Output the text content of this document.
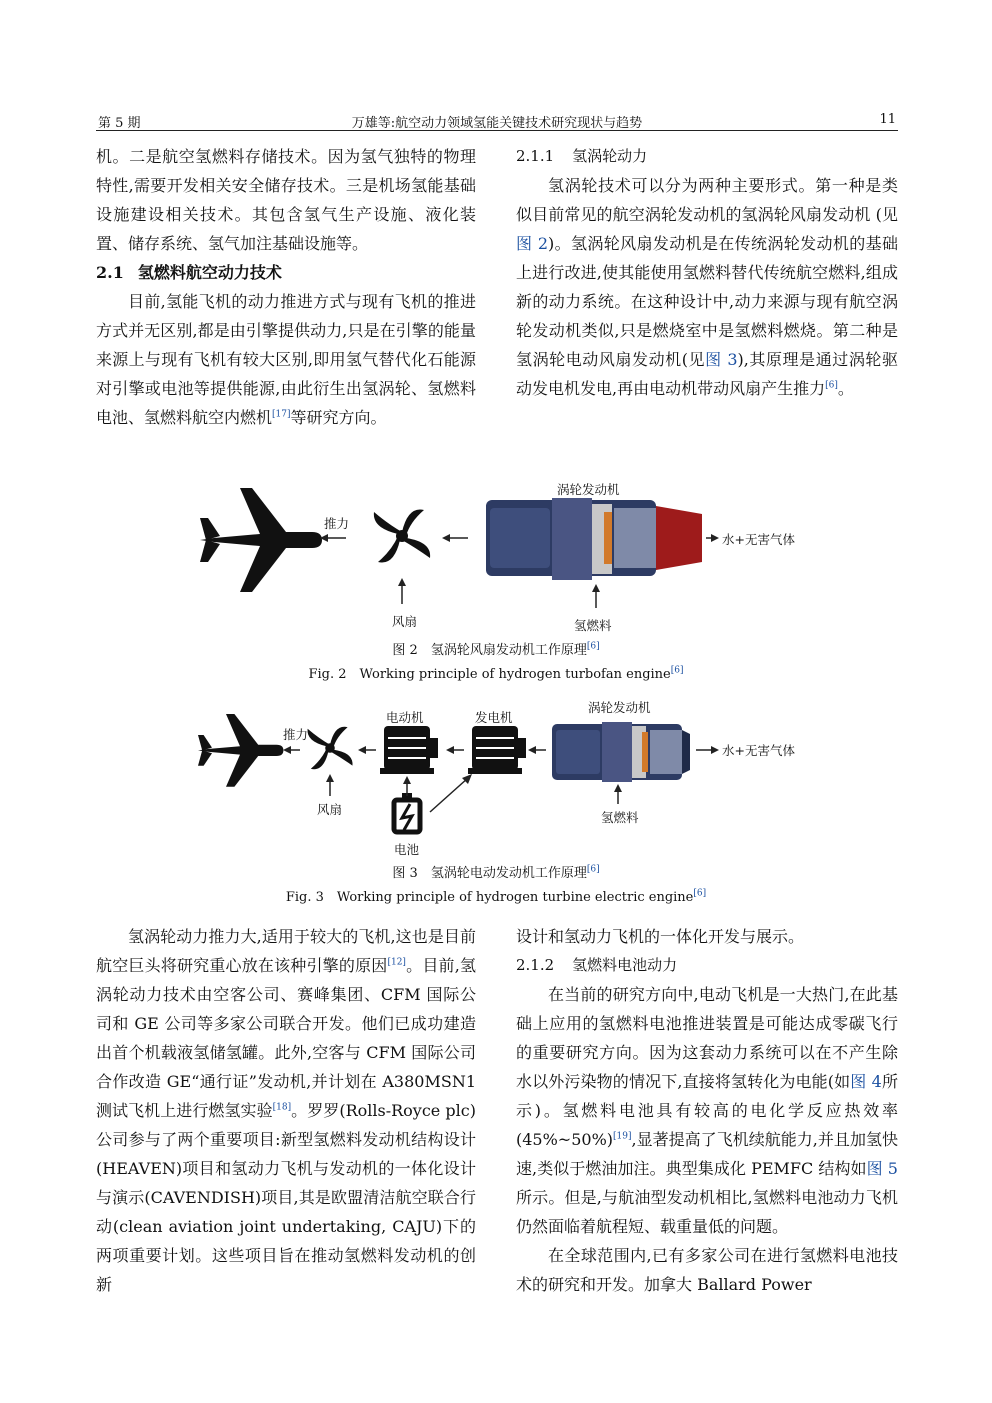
第 5 期	万雄等:航空动力领域氢能关键技术研究现状与趋势	11

机。二是航空氢燃料存储技术。因为氢气独特的物理特性,需要开发相关安全储存技术。三是机场氢能基础设施建设相关技术。其包含氢气生产设施、液化装置、储存系统、氢气加注基础设施等。

2.1 氢燃料航空动力技术

目前,氢能飞机的动力推进方式与现有飞机的推进方式并无区别,都是由引擎提供动力,只是在引擎的能量来源上与现有飞机有较大区别,即用氢气替代化石能源对引擎或电池等提供能源,由此衍生出氢涡轮、氢燃料电池、氢燃料航空内燃机[17]等研究方向。

2.1.1 氢涡轮动力

氢涡轮技术可以分为两种主要形式。第一种是类似目前常见的航空涡轮发动机的氢涡轮风扇发动机 (见图 2)。氢涡轮风扇发动机是在传统涡轮发动机的基础上进行改进,使其能使用氢燃料替代传统航空燃料,组成新的动力系统。在这种设计中,动力来源与现有航空涡轮发动机类似,只是燃烧室中是氢燃料燃烧。第二种是氢涡轮电动风扇发动机(见图 3),其原理是通过涡轮驱动发电机发电,再由电动机带动风扇产生推力[6]。

涡轮发动机
推力
水+无害气体
风扇	氢燃料
图 2　氢涡轮风扇发动机工作原理[6]
Fig. 2　Working principle of hydrogen turbofan engine[6]
电动机	发电机
涡轮发动机
推力
水+无害气体
风扇
氢燃料
电池
图 3　氢涡轮电动发动机工作原理[6]
Fig. 3　Working principle of hydrogen turbine electric engine[6]

氢涡轮动力推力大,适用于较大的飞机,这也是目前航空巨头将研究重心放在该种引擎的原因[12]。目前,氢涡轮动力技术由空客公司、赛峰集团、CFM 国际公司和 GE 公司等多家公司联合开发。他们已成功建造出首个机载液氢储氢罐。此外,空客与 CFM 国际公司合作改造 GE“通行证”发动机,并计划在 A380MSN1 测试飞机上进行燃氢实验[18]。罗罗(Rolls-Royce plc)公司参与了两个重要项目:新型氢燃料发动机结构设计(HEAVEN)项目和氢动力飞机与发动机的一体化设计与演示(CAVENDISH)项目,其是欧盟清洁航空联合行动(clean aviation joint undertaking, CAJU)下的两项重要计划。这些项目旨在推动氢燃料发动机的创新

设计和氢动力飞机的一体化开发与展示。

2.1.2 氢燃料电池动力

在当前的研究方向中,电动飞机是一大热门,在此基础上应用的氢燃料电池推进装置是可能达成零碳飞行的重要研究方向。因为这套动力系统可以在不产生除水以外污染物的情况下,直接将氢转化为电能(如图 4所示)。氢燃料电池具有较高的电化学反应热效率(45%~50%)[19],显著提高了飞机续航能力,并且加氢快速,类似于燃油加注。典型集成化 PEMFC 结构如图 5所示。但是,与航油型发动机相比,氢燃料电池动力飞机仍然面临着航程短、载重量低的问题。

在全球范围内,已有多家公司在进行氢燃料电池技术的研究和开发。加拿大 Ballard Power
